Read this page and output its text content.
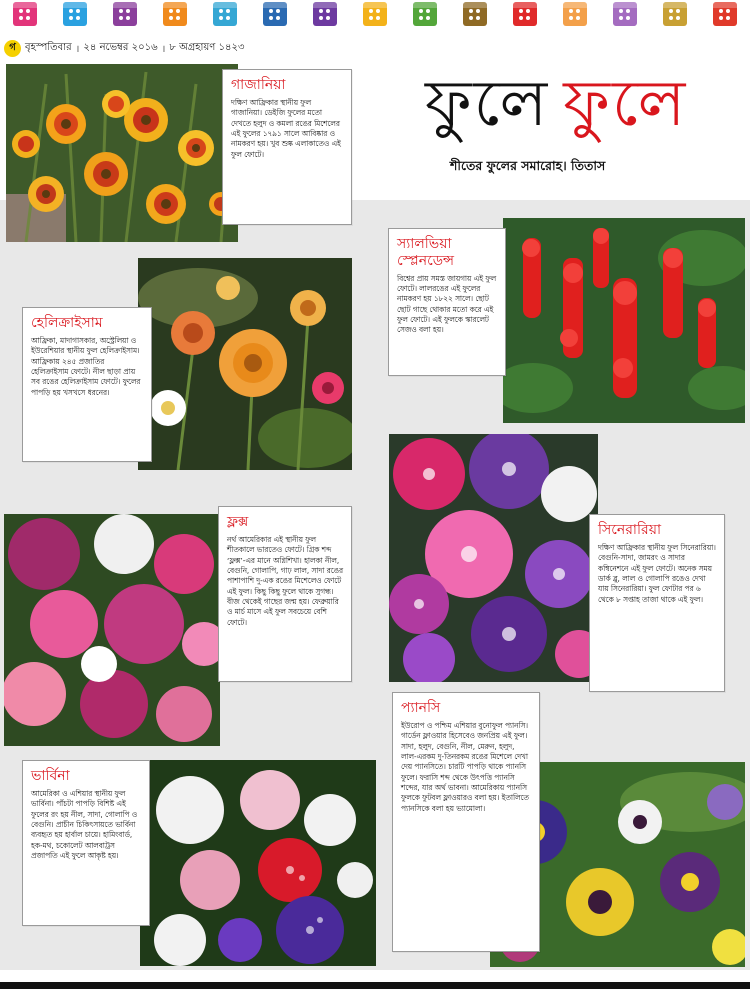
গ বৃহস্পতিবার । ২৪ নভেম্বর ২০১৬ । ৮ অগ্রহায়ণ ১৪২৩
ফুলে ফুলে
শীতের ফুলের সমারোহ। তিতাস
গাজানিয়া

দক্ষিণ আফ্রিকার স্থানীয় ফুল গাজানিয়া। ডেইজি ফুলের মতো দেখতে হলুদ ও কমলা রঙের মিশেলের এই ফুলের ১৭৯১ সালে আবিষ্কার ও নামকরণ হয়। খুব শুষ্ক এলাকাতেও এই ফুল ফোটে।

স্যালভিয়া স্প্লেনডেন্স

বিশ্বের প্রায় সমস্ত জায়গায় এই ফুল ফোটে। লালরঙের এই ফুলের নামকরণ হয় ১৮২২ সালে। ছোট ছোট গাছে থোকার মতো করে এই ফুল ফোটে। এই ফুলকে স্কারলেট সেজও বলা হয়।

হেলিক্রাইসাম

আফ্রিকা, মাদাগাসকার, অস্ট্রেলিয়া ও ইউরেশিয়ার স্থানীয় ফুল হেলিক্রাইসাম। আফ্রিকায় ২৪৫ প্রজাতির হেলিক্রাইসাম ফোটে। নীল ছাড়া প্রায় সব রঙের হেলিক্রাইসাম ফোটে। ফুলের পাপড়ি হয় খসখসে ধরনের।

সিনেরারিয়া

দক্ষিণ আফ্রিকার স্থানীয় ফুল সিনেরারিয়া। বেগুনি-সাদা, জামরং ও সাদার কম্বিনেশনে এই ফুল ফোটে। অনেক সময় ডার্ক ব্লু, লাল ও গোলাপি রঙেও দেখা যায় সিনেরারিয়া। ফুল ফোটার পর ৬ থেকে ৮ সপ্তাহ তাজা থাকে এই ফুল।

ফ্লক্স

নর্থ আমেরিকার এই স্থানীয় ফুল শীতকালে ভারতেও ফোটে। গ্রিক শব্দ ‘ফ্লক্স’-এর মানে অগ্নিশিখা। হালকা নীল, বেগুনি, গোলাপি, গাঢ় লাল, সাদা রঙের পাশাপাশি দু-এক রঙের মিশেলেও ফোটে এই ফুল। কিছু কিছু ফুলে থাকে সুগন্ধ। বীজ থেকেই গাছের জন্ম হয়। ফেব্রুয়ারি ও মার্চ মাসে এই ফুল সবচেয়ে বেশি ফোটে।

প্যানসি

ইউরোপ ও পশ্চিম এশিয়ার বুনোফুল প্যানসি। গার্ডেন ফ্লাওয়ার হিসেবেও জনপ্রিয় এই ফুল। সাদা, হলুদ, বেগুনি, নীল, মেরুন, হলুদ, লাল-এরকম দু-তিনরকম রঙের মিশেলে দেখা দেয় প্যানসিতে। চারটি পাপড়ি থাকে প্যানসি ফুলে। ফরাসি শব্দ থেকে উৎপত্তি প্যানসি শব্দের, যার অর্থ ভাবনা। আমেরিকায় প্যানসি ফুলকে ফুটবল ফ্লাওয়ারও বলা হয়। ইতালিতে প্যানসিকে বলা হয় ভ্যামোলা।

ভার্বিনা

আমেরিকা ও এশিয়ার স্থানীয় ফুল ভার্বিনা। পাঁচটা পাপড়ি বিশিষ্ট এই ফুলের রং হয় নীল, সাদা, গোলাপি ও বেগুনি। প্রাচীন চিকিৎসায়তে ভার্বিনা ব্যবহৃত হয় হার্বাল চায়ে। হামিংবার্ড, হক-মথ, চকোলেট আলবাট্রস প্রজাপতি এই ফুলে আকৃষ্ট হয়।
